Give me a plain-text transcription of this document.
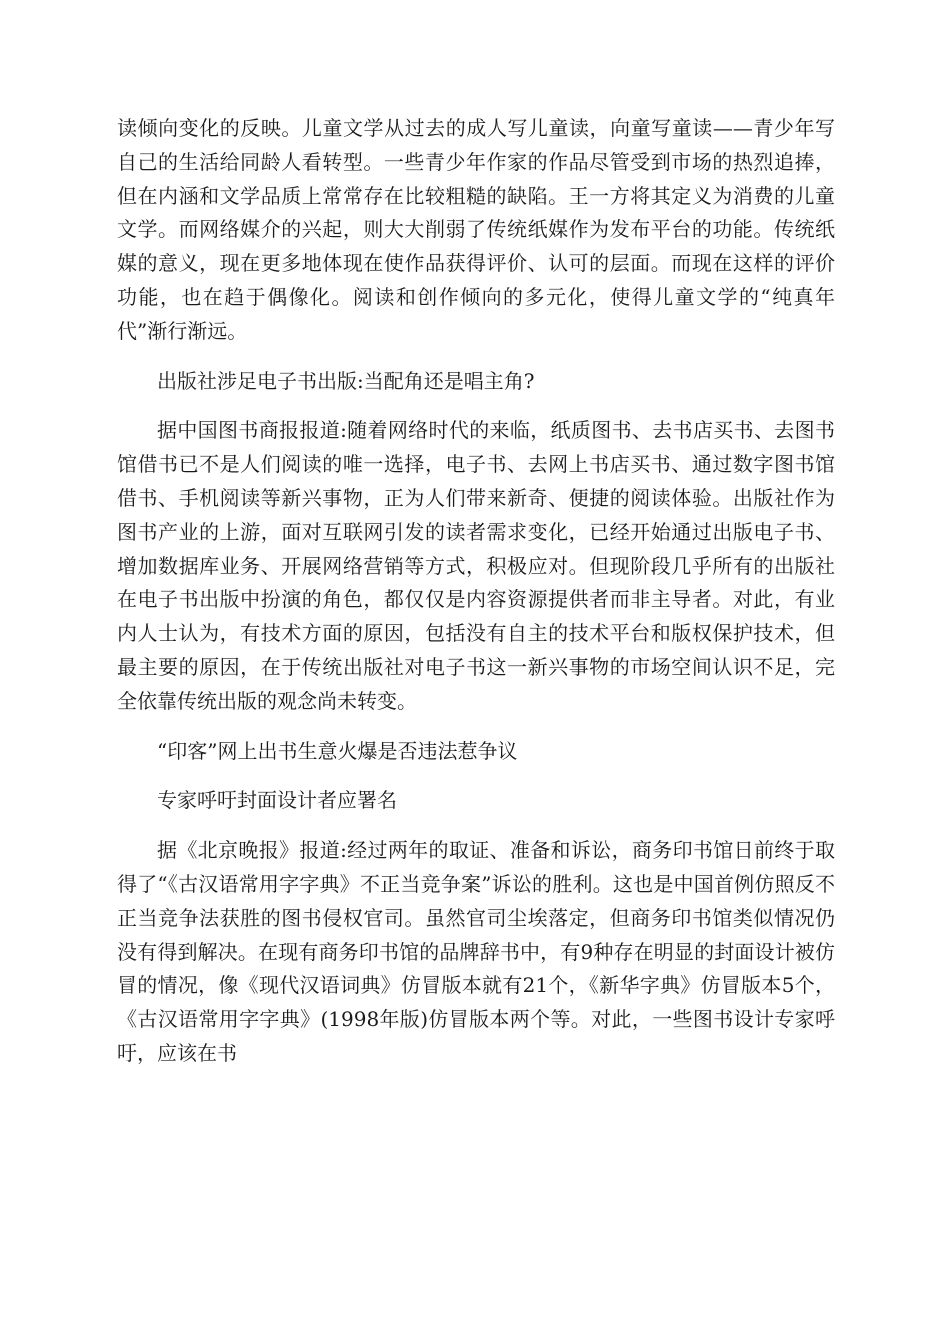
读倾向变化的反映。儿童文学从过去的成人写儿童读，向童写童读——青少年写自己的生活给同龄人看转型。一些青少年作家的作品尽管受到市场的热烈追捧，但在内涵和文学品质上常常存在比较粗糙的缺陷。王一方将其定义为消费的儿童文学。而网络媒介的兴起，则大大削弱了传统纸媒作为发布平台的功能。传统纸媒的意义，现在更多地体现在使作品获得评价、认可的层面。而现在这样的评价功能，也在趋于偶像化。阅读和创作倾向的多元化，使得儿童文学的“纯真年代”渐行渐远。

出版社涉足电子书出版:当配角还是唱主角?

据中国图书商报报道:随着网络时代的来临，纸质图书、去书店买书、去图书馆借书已不是人们阅读的唯一选择，电子书、去网上书店买书、通过数字图书馆借书、手机阅读等新兴事物，正为人们带来新奇、便捷的阅读体验。出版社作为图书产业的上游，面对互联网引发的读者需求变化，已经开始通过出版电子书、增加数据库业务、开展网络营销等方式，积极应对。但现阶段几乎所有的出版社在电子书出版中扮演的角色，都仅仅是内容资源提供者而非主导者。对此，有业内人士认为，有技术方面的原因，包括没有自主的技术平台和版权保护技术，但最主要的原因，在于传统出版社对电子书这一新兴事物的市场空间认识不足，完全依靠传统出版的观念尚未转变。

“印客”网上出书生意火爆是否违法惹争议

专家呼吁封面设计者应署名

据《北京晚报》报道:经过两年的取证、准备和诉讼，商务印书馆日前终于取得了“《古汉语常用字字典》不正当竞争案”诉讼的胜利。这也是中国首例仿照反不正当竞争法获胜的图书侵权官司。虽然官司尘埃落定，但商务印书馆类似情况仍没有得到解决。在现有商务印书馆的品牌辞书中，有9种存在明显的封面设计被仿冒的情况，像《现代汉语词典》仿冒版本就有21个，《新华字典》仿冒版本5个，《古汉语常用字字典》(1998年版)仿冒版本两个等。对此，一些图书设计专家呼吁，应该在书
